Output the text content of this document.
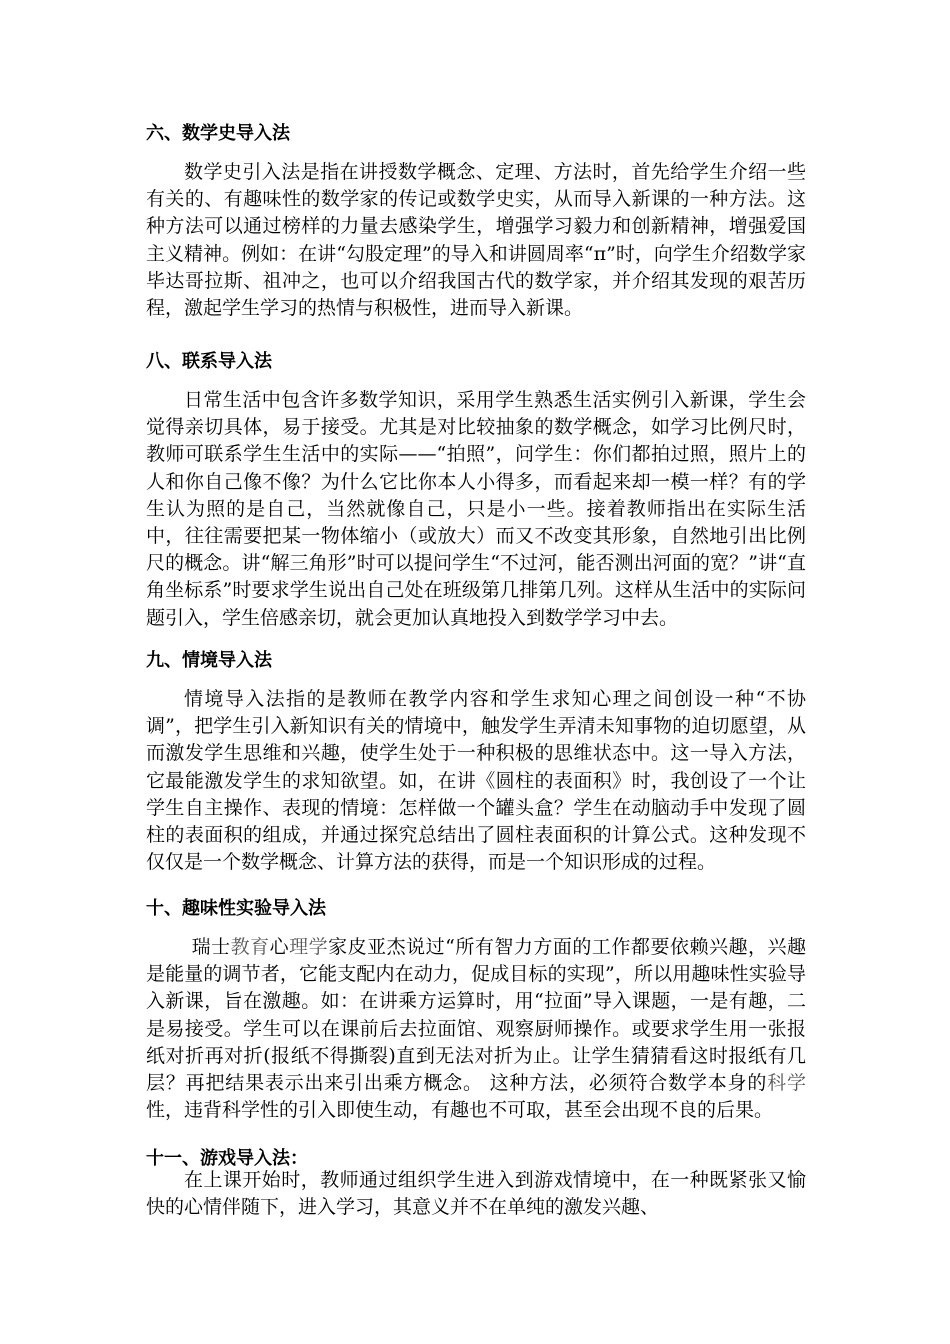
六、数学史导入法
数学史引入法是指在讲授数学概念、定理、方法时，首先给学生介绍一些有关的、有趣味性的数学家的传记或数学史实，从而导入新课的一种方法。这种方法可以通过榜样的力量去感染学生，增强学习毅力和创新精神，增强爱国主义精神。例如：在讲“勾股定理”的导入和讲圆周率“π”时，向学生介绍数学家毕达哥拉斯、祖冲之，也可以介绍我国古代的数学家，并介绍其发现的艰苦历程，激起学生学习的热情与积极性，进而导入新课。
八、联系导入法
日常生活中包含许多数学知识，采用学生熟悉生活实例引入新课，学生会觉得亲切具体，易于接受。尤其是对比较抽象的数学概念，如学习比例尺时，教师可联系学生生活中的实际——“拍照”，问学生：你们都拍过照，照片上的人和你自己像不像？为什么它比你本人小得多，而看起来却一模一样？有的学生认为照的是自己，当然就像自己，只是小一些。接着教师指出在实际生活中，往往需要把某一物体缩小（或放大）而又不改变其形象，自然地引出比例尺的概念。讲“解三角形”时可以提问学生“不过河，能否测出河面的宽？”讲“直角坐标系”时要求学生说出自己处在班级第几排第几列。这样从生活中的实际问题引入，学生倍感亲切，就会更加认真地投入到数学学习中去。
九、情境导入法
情境导入法指的是教师在教学内容和学生求知心理之间创设一种“不协调”，把学生引入新知识有关的情境中，触发学生弄清未知事物的迫切愿望，从而激发学生思维和兴趣，使学生处于一种积极的思维状态中。这一导入方法，它最能激发学生的求知欲望。如，在讲《圆柱的表面积》时，我创设了一个让学生自主操作、表现的情境：怎样做一个罐头盒？学生在动脑动手中发现了圆柱的表面积的组成，并通过探究总结出了圆柱表面积的计算公式。这种发现不仅仅是一个数学概念、计算方法的获得，而是一个知识形成的过程。
十、趣味性实验导入法
瑞士教育心理学家皮亚杰说过“所有智力方面的工作都要依赖兴趣，兴趣是能量的调节者，它能支配内在动力，促成目标的实现”，所以用趣味性实验导入新课，旨在激趣。如：在讲乘方运算时，用“拉面”导入课题，一是有趣，二是易接受。学生可以在课前后去拉面馆、观察厨师操作。或要求学生用一张报纸对折再对折(报纸不得撕裂)直到无法对折为止。让学生猜猜看这时报纸有几层？再把结果表示出来引出乘方概念。 这种方法，必须符合数学本身的科学性，违背科学性的引入即使生动，有趣也不可取，甚至会出现不良的后果。
十一、游戏导入法：
在上课开始时，教师通过组织学生进入到游戏情境中，在一种既紧张又愉快的心情伴随下，进入学习，其意义并不在单纯的激发兴趣、
